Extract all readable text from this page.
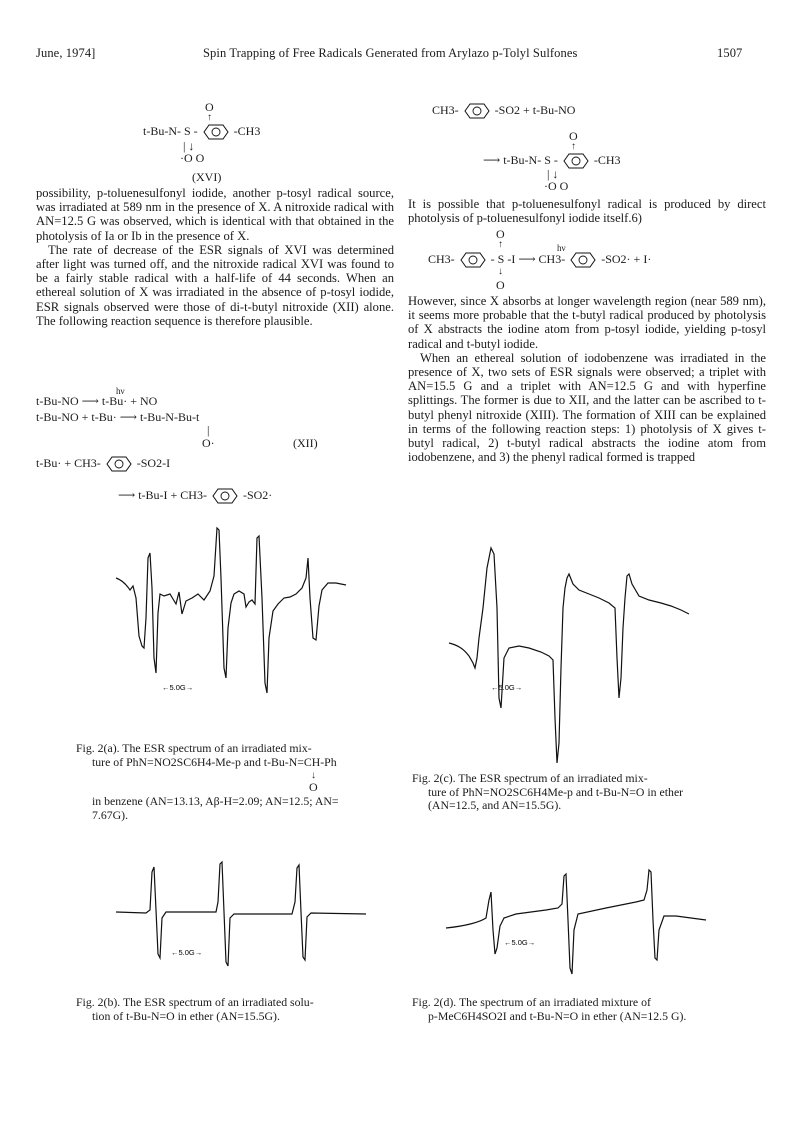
June, 1974]	Spin Trapping of Free Radicals Generated from Arylazo p-Tolyl Sulfones	1507
O
↑
t-Bu-N- S -	-CH3
| ↓
·O O
(XVI)

possibility, p-toluenesulfonyl iodide, another p-tosyl radical source, was irradiated at 589 nm in the presence of X. A nitroxide radical with AN=12.5 G was observed, which is identical with that obtained in the photolysis of Ia or Ib in the presence of X.

The rate of decrease of the ESR signals of XVI was determined after light was turned off, and the nitroxide radical XVI was found to be a fairly stable radical with a half-life of 44 seconds. When an ethereal solution of X was irradiated in the absence of p-tosyl iodide, ESR signals observed were those of di-t-butyl nitroxide (XII) alone. The following reaction sequence is therefore plausible.

hν
t-Bu-NO ⟶ t-Bu· + NO
t-Bu-NO + t-Bu· ⟶ t-Bu-N-Bu-t
|
O·	(XII)
t-Bu· + CH3-	-SO2-I
⟶ t-Bu-I + CH3-	-SO2·
CH3-	-SO2 + t-Bu-NO
O
↑
⟶ t-Bu-N- S -	-CH3
| ↓
·O O
It is possible that p-toluenesulfonyl radical is produced by direct photolysis of p-toluenesulfonyl iodide itself.6)
O
↑	hν
CH3-	- S -I ⟶ CH3-	-SO2· + I·
↓
O

However, since X absorbs at longer wavelength region (near 589 nm), it seems more probable that the t-butyl radical produced by photolysis of X abstracts the iodine atom from p-tosyl iodide, yielding p-tosyl radical and t-butyl iodide.

When an ethereal solution of iodobenzene was irradiated in the presence of X, two sets of ESR signals were observed; a triplet with AN=15.5 G and a triplet with AN=12.5 G and with hyperfine splittings. The former is due to XII, and the latter can be ascribed to t-butyl phenyl nitroxide (XIII). The formation of XIII can be explained in terms of the following reaction steps: 1) photolysis of X gives t-butyl radical, 2) t-butyl radical abstracts the iodine atom from iodobenzene, and 3) the phenyl radical formed is trapped

←5.0G→
Fig. 2(a). The ESR spectrum of an irradiated mix-
ture of PhN=NO2SC6H4-Me-p and t-Bu-N=CH-Ph
↓
O
in benzene (AN=13.13, Aβ-H=2.09; AN=12.5; AN=
7.67G).
←5.0G→
Fig. 2(b). The ESR spectrum of an irradiated solu-
tion of t-Bu-N=O in ether (AN=15.5G).
←5.0G→
Fig. 2(c). The ESR spectrum of an irradiated mix-
ture of PhN=NO2SC6H4Me-p and t-Bu-N=O in ether
(AN=12.5, and AN=15.5G).
←5.0G→
Fig. 2(d). The spectrum of an irradiated mixture of
p-MeC6H4SO2I and t-Bu-N=O in ether (AN=12.5 G).
